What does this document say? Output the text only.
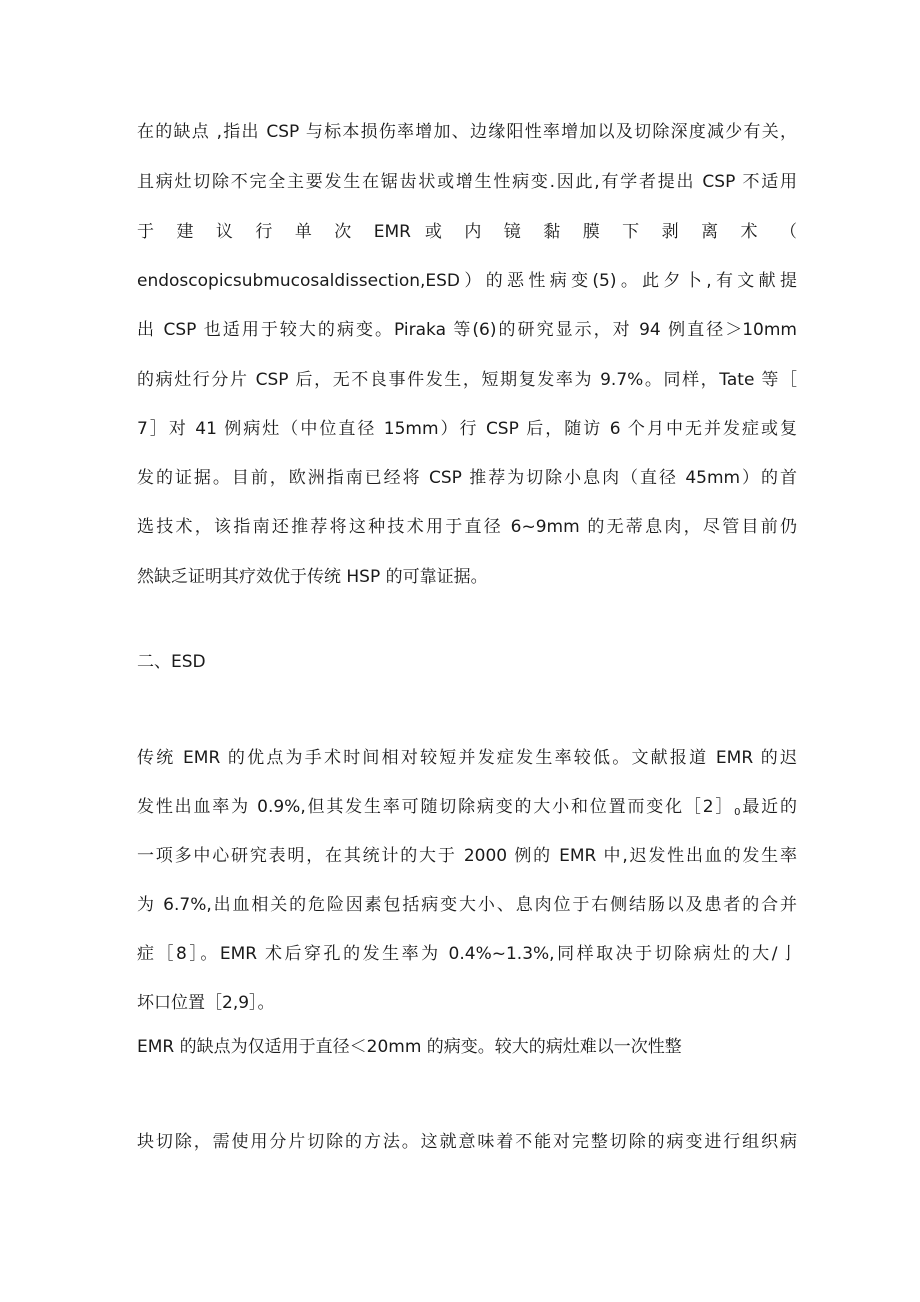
在的缺点 ,指出 CSP 与标本损伤率增加、边缘阳性率增加以及切除深度减少有关，
且病灶切除不完全主要发生在锯齿状或增生性病变.因此,有学者提出 CSP 不适用
于 建 议 行 单 次 EMR 或 内 镜 黏 膜 下 剥 离 术 （
endoscopicsubmucosaldissection,ESD）的恶性病变(5)。此夕卜,有文献提
出 CSP 也适用于较大的病变。Piraka 等(6)的研究显示，对 94 例直径＞10mm
的病灶行分片 CSP 后，无不良事件发生，短期复发率为 9.7%。同样，Tate 等［
7］对 41 例病灶（中位直径 15mm）行 CSP 后，随访 6 个月中无并发症或复
发的证据。目前，欧洲指南已经将 CSP 推荐为切除小息肉（直径 45mm）的首
选技术，该指南还推荐将这种技术用于直径 6~9mm 的无蒂息肉，尽管目前仍
然缺乏证明其疗效优于传统 HSP 的可靠证据。
二、ESD
传统 EMR 的优点为手术时间相对较短并发症发生率较低。文献报道 EMR 的迟
发性出血率为 0.9%,但其发生率可随切除病变的大小和位置而变化$[2]_0$最近的
一项多中心研究表明，在其统计的大于 2000 例的 EMR 中,迟发性出血的发生率
为 6.7%,出血相关的危险因素包括病变大小、息肉位于右侧结肠以及患者的合并
症［8］。EMR 术后穿孔的发生率为 0.4%~1.3%,同样取决于切除病灶的大/亅
坏口位置［2,9］。
EMR 的缺点为仅适用于直径＜20mm 的病变。较大的病灶难以一次性整
块切除，需使用分片切除的方法。这就意味着不能对完整切除的病变进行组织病
